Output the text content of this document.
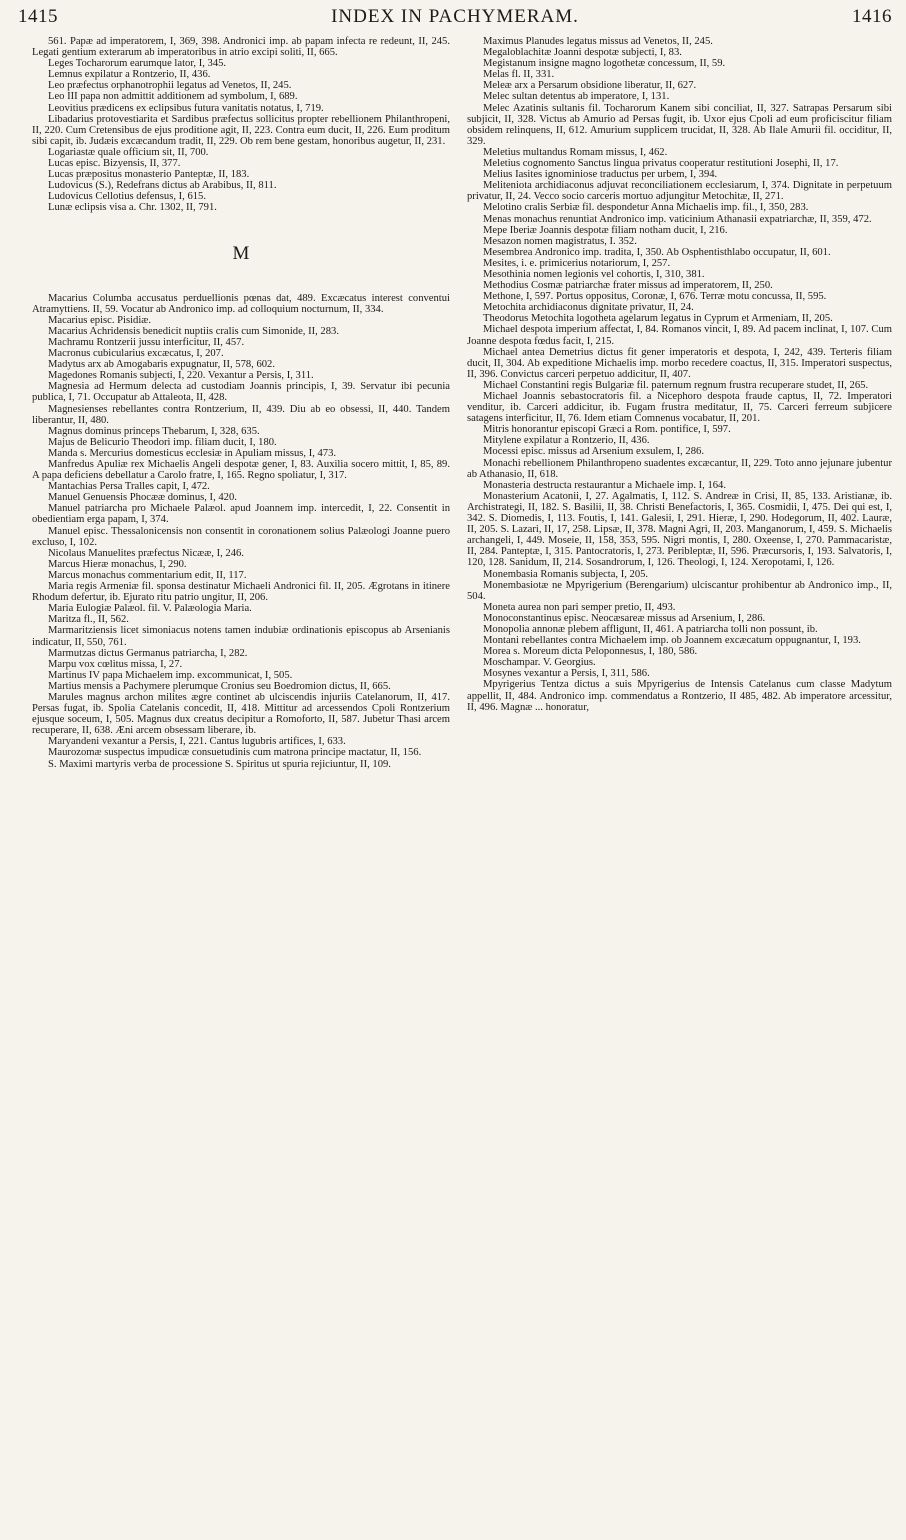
1415	INDEX IN PACHYMERAM.	1416

561. Papæ ad imperatorem, I, 369, 398. Andronici imp. ab papam infecta re redeunt, II, 245. Legati gentium exterarum ab imperatoribus in atrio excipi soliti, II, 665.

Leges Tocharorum earumque lator, I, 345.

Lemnus expilatur a Rontzerio, II, 436.

Leo præfectus orphanotrophii legatus ad Venetos, II, 245.

Leo III papa non admittit additionem ad symbolum, I, 689.

Leovitius prædicens ex eclipsibus futura vanitatis notatus, I, 719.

Libadarius protovestiarita et Sardibus præfectus sollicitus propter rebellionem Philanthropeni, II, 220. Cum Cretensibus de ejus proditione agit, II, 223. Contra eum ducit, II, 226. Eum proditum sibi capit, ib. Judæis excæcandum tradit, II, 229. Ob rem bene gestam, honoribus augetur, II, 231.

Logariastæ quale officium sit, II, 700.

Lucas episc. Bizyensis, II, 377.

Lucas præpositus monasterio Panteptæ, II, 183.

Ludovicus (S.), Redefrans dictus ab Arabibus, II, 811.

Ludovicus Cellotius defensus, I, 615.

Lunæ eclipsis visa a. Chr. 1302, II, 791.

M

Macarius Columba accusatus perduellionis pœnas dat, 489. Excæcatus interest conventui Atramyttiens. II, 59. Vocatur ab Andronico imp. ad colloquium nocturnum, II, 334.

Macarius episc. Pisidiæ.

Macarius Achridensis benedicit nuptiis cralis cum Simonide, II, 283.

Machramu Rontzerii jussu interficitur, II, 457.

Macronus cubicularius excæcatus, I, 207.

Madytus arx ab Amogabaris expugnatur, II, 578, 602.

Magedones Romanis subjecti, I, 220. Vexantur a Persis, I, 311.

Magnesia ad Hermum delecta ad custodiam Joannis principis, I, 39. Servatur ibi pecunia publica, I, 71. Occupatur ab Attaleota, II, 428.

Magnesienses rebellantes contra Rontzerium, II, 439. Diu ab eo obsessi, II, 440. Tandem liberantur, II, 480.

Magnus dominus princeps Thebarum, I, 328, 635.

Majus de Belicurio Theodori imp. filiam ducit, I, 180.

Manda s. Mercurius domesticus ecclesiæ in Apuliam missus, I, 473.

Manfredus Apuliæ rex Michaelis Angeli despotæ gener, I, 83. Auxilia socero mittit, I, 85, 89. A papa deficiens debellatur a Carolo fratre, I, 165. Regno spoliatur, I, 317.

Mantachias Persa Tralles capit, I, 472.

Manuel Genuensis Phocææ dominus, I, 420.

Manuel patriarcha pro Michaele Palæol. apud Joannem imp. intercedit, I, 22. Consentit in obedientiam erga papam, I, 374.

Manuel episc. Thessalonicensis non consentit in coronationem solius Palæologi Joanne puero excluso, I, 102.

Nicolaus Manuelites præfectus Nicææ, I, 246.

Marcus Hieræ monachus, I, 290.

Marcus monachus commentarium edit, II, 117.

Maria regis Armeniæ fil. sponsa destinatur Michaeli Andronici fil. II, 205. Ægrotans in itinere Rhodum defertur, ib. Ejurato ritu patrio ungitur, II, 206.

Maria Eulogiæ Palæol. fil. V. Palæologia Maria.

Maritza fl., II, 562.

Marmaritziensis licet simoniacus notens tamen indubiæ ordinationis episcopus ab Arsenianis indicatur, II, 550, 761.

Marmutzas dictus Germanus patriarcha, I, 282.

Marpu vox cœlitus missa, I, 27.

Martinus IV papa Michaelem imp. excommunicat, I, 505.

Martius mensis a Pachymere plerumque Cronius seu Boedromion dictus, II, 665.

Marules magnus archon milites ægre continet ab ulciscendis injuriis Catelanorum, II, 417. Persas fugat, ib. Spolia Catelanis concedit, II, 418. Mittitur ad arcessendos Cpoli Rontzerium ejusque soceum, I, 505. Magnus dux creatus decipitur a Romoforto, II, 587. Jubetur Thasi arcem recuperare, II, 638. Æni arcem obsessam liberare, ib.

Maryandeni vexantur a Persis, I, 221. Cantus lugubris artifices, I, 633.

Maurozomæ suspectus impudicæ consuetudinis cum matrona principe mactatur, II, 156.

S. Maximi martyris verba de processione S. Spiritus ut spuria rejiciuntur, II, 109.

Maximus Planudes legatus missus ad Venetos, II, 245.

Megaloblachitæ Joanni despotæ subjecti, I, 83.

Megistanum insigne magno logothetæ concessum, II, 59.

Melas fl. II, 331.

Meleæ arx a Persarum obsidione liberatur, II, 627.

Melec sultan detentus ab imperatore, I, 131.

Melec Azatinis sultanis fil. Tocharorum Kanem sibi conciliat, II, 327. Satrapas Persarum sibi subjicit, II, 328. Victus ab Amurio ad Persas fugit, ib. Uxor ejus Cpoli ad eum proficiscitur filiam obsidem relinquens, II, 612. Amurium supplicem trucidat, II, 328. Ab Ilale Amurii fil. occiditur, II, 329.

Meletius multandus Romam missus, I, 462.

Meletius cognomento Sanctus lingua privatus cooperatur restitutioni Josephi, II, 17.

Melius Iasites ignominiose traductus per urbem, I, 394.

Meliteniota archidiaconus adjuvat reconciliationem ecclesiarum, I, 374. Dignitate in perpetuum privatur, II, 24. Vecco socio carceris mortuo adjungitur Metochitæ, II, 271.

Melotino cralis Serbiæ fil. despondetur Anna Michaelis imp. fil., I, 350, 283.

Menas monachus renuntiat Andronico imp. vaticinium Athanasii expatriarchæ, II, 359, 472.

Mepe Iberiæ Joannis despotæ filiam notham ducit, I, 216.

Mesazon nomen magistratus, I. 352.

Mesembrea Andronico imp. tradita, I, 350. Ab Osphentisthlabo occupatur, II, 601.

Mesites, i. e. primicerius notariorum, I, 257.

Mesothinia nomen legionis vel cohortis, I, 310, 381.

Methodius Cosmæ patriarchæ frater missus ad imperatorem, II, 250.

Methone, I, 597. Portus oppositus, Coronæ, I, 676. Terræ motu concussa, II, 595.

Metochita archidiaconus dignitate privatur, II, 24.

Theodorus Metochita logotheta agelarum legatus in Cyprum et Armeniam, II, 205.

Michael despota imperium affectat, I, 84. Romanos vincit, I, 89. Ad pacem inclinat, I, 107. Cum Joanne despota fœdus facit, I, 215.

Michael antea Demetrius dictus fit gener imperatoris et despota, I, 242, 439. Terteris filiam ducit, II, 304. Ab expeditione Michaelis imp. morbo recedere coactus, II, 315. Imperatori suspectus, II, 396. Convictus carceri perpetuo addicitur, II, 407.

Michael Constantini regis Bulgariæ fil. paternum regnum frustra recuperare studet, II, 265.

Michael Joannis sebastocratoris fil. a Nicephoro despota fraude captus, II, 72. Imperatori venditur, ib. Carceri addicitur, ib. Fugam frustra meditatur, II, 75. Carceri ferreum subjicere satagens interficitur, II, 76. Idem etiam Comnenus vocabatur, II, 201.

Mitris honorantur episcopi Græci a Rom. pontifice, I, 597.

Mitylene expilatur a Rontzerio, II, 436.

Mocessi episc. missus ad Arsenium exsulem, I, 286.

Monachi rebellionem Philanthropeno suadentes excæcantur, II, 229. Toto anno jejunare jubentur ab Athanasio, II, 618.

Monasteria destructa restaurantur a Michaele imp. I, 164.

Monasterium Acatonii, I, 27. Agalmatis, I, 112. S. Andreæ in Crisi, II, 85, 133. Aristianæ, ib. Archistrategi, II, 182. S. Basilii, II, 38. Christi Benefactoris, I, 365. Cosmidii, I, 475. Dei qui est, I, 342. S. Diomedis, I, 113. Foutis, I, 141. Galesii, I, 291. Hieræ, I, 290. Hodegorum, II, 402. Lauræ, II, 205. S. Lazari, II, 17, 258. Lipsæ, II, 378. Magni Agri, II, 203. Manganorum, I, 459. S. Michaelis archangeli, I, 449. Moseie, II, 158, 353, 595. Nigri montis, I, 280. Oxeense, I, 270. Pammacaristæ, II, 284. Panteptæ, I, 315. Pantocratoris, I, 273. Peribleptæ, II, 596. Præcursoris, I, 193. Salvatoris, I, 120, 128. Sanidum, II, 214. Sosandrorum, I, 126. Theologi, I, 124. Xeropotami, I, 126.

Monembasia Romanis subjecta, I, 205.

Monembasiotæ ne Mpyrigerium (Berengarium) ulciscantur prohibentur ab Andronico imp., II, 504.

Moneta aurea non pari semper pretio, II, 493.

Monoconstantinus episc. Neocæsareæ missus ad Arsenium, I, 286.

Monopolia annonæ plebem affligunt, II, 461. A patriarcha tolli non possunt, ib.

Montani rebellantes contra Michaelem imp. ob Joannem excæcatum oppugnantur, I, 193.

Morea s. Moreum dicta Peloponnesus, I, 180, 586.

Moschampar. V. Georgius.

Mosynes vexantur a Persis, I, 311, 586.

Mpyrigerius Tentza dictus a suis Mpyrigerius de Intensis Catelanus cum classe Madytum appellit, II, 484. Andronico imp. commendatus a Rontzerio, II 485, 482. Ab imperatore arcessitur, II, 496. Magnæ ... honoratur,
